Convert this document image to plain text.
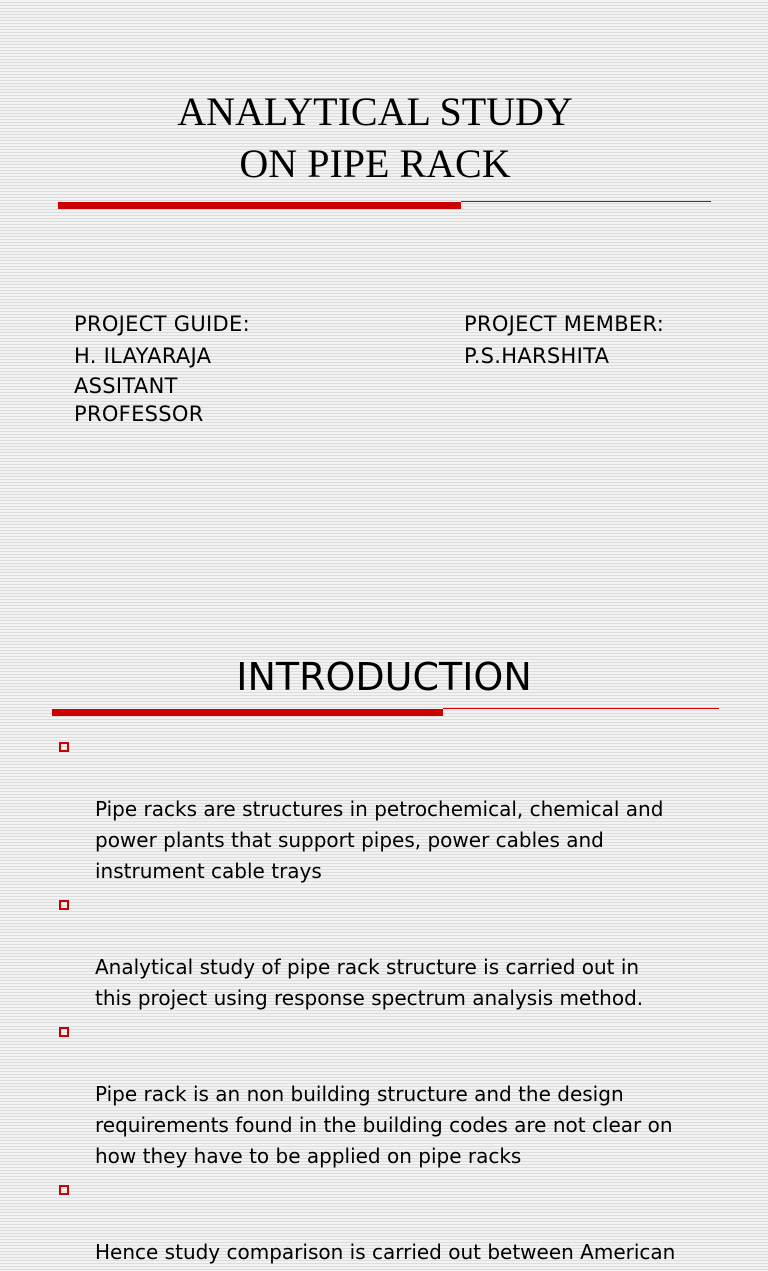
ANALYTICAL STUDY
ON PIPE RACK
PROJECT GUIDE:
H. ILAYARAJA
ASSITANT
PROFESSOR
PROJECT MEMBER:
P.S.HARSHITA
INTRODUCTION

Pipe racks are structures in petrochemical, chemical and
power plants that support pipes, power cables and
instrument cable trays

Analytical study of pipe rack structure is carried out in
this project using response spectrum analysis method.

Pipe rack is an non building structure and the design
requirements found in the building codes are not clear on
how they have to be applied on pipe racks

Hence study comparison is carried out between American
